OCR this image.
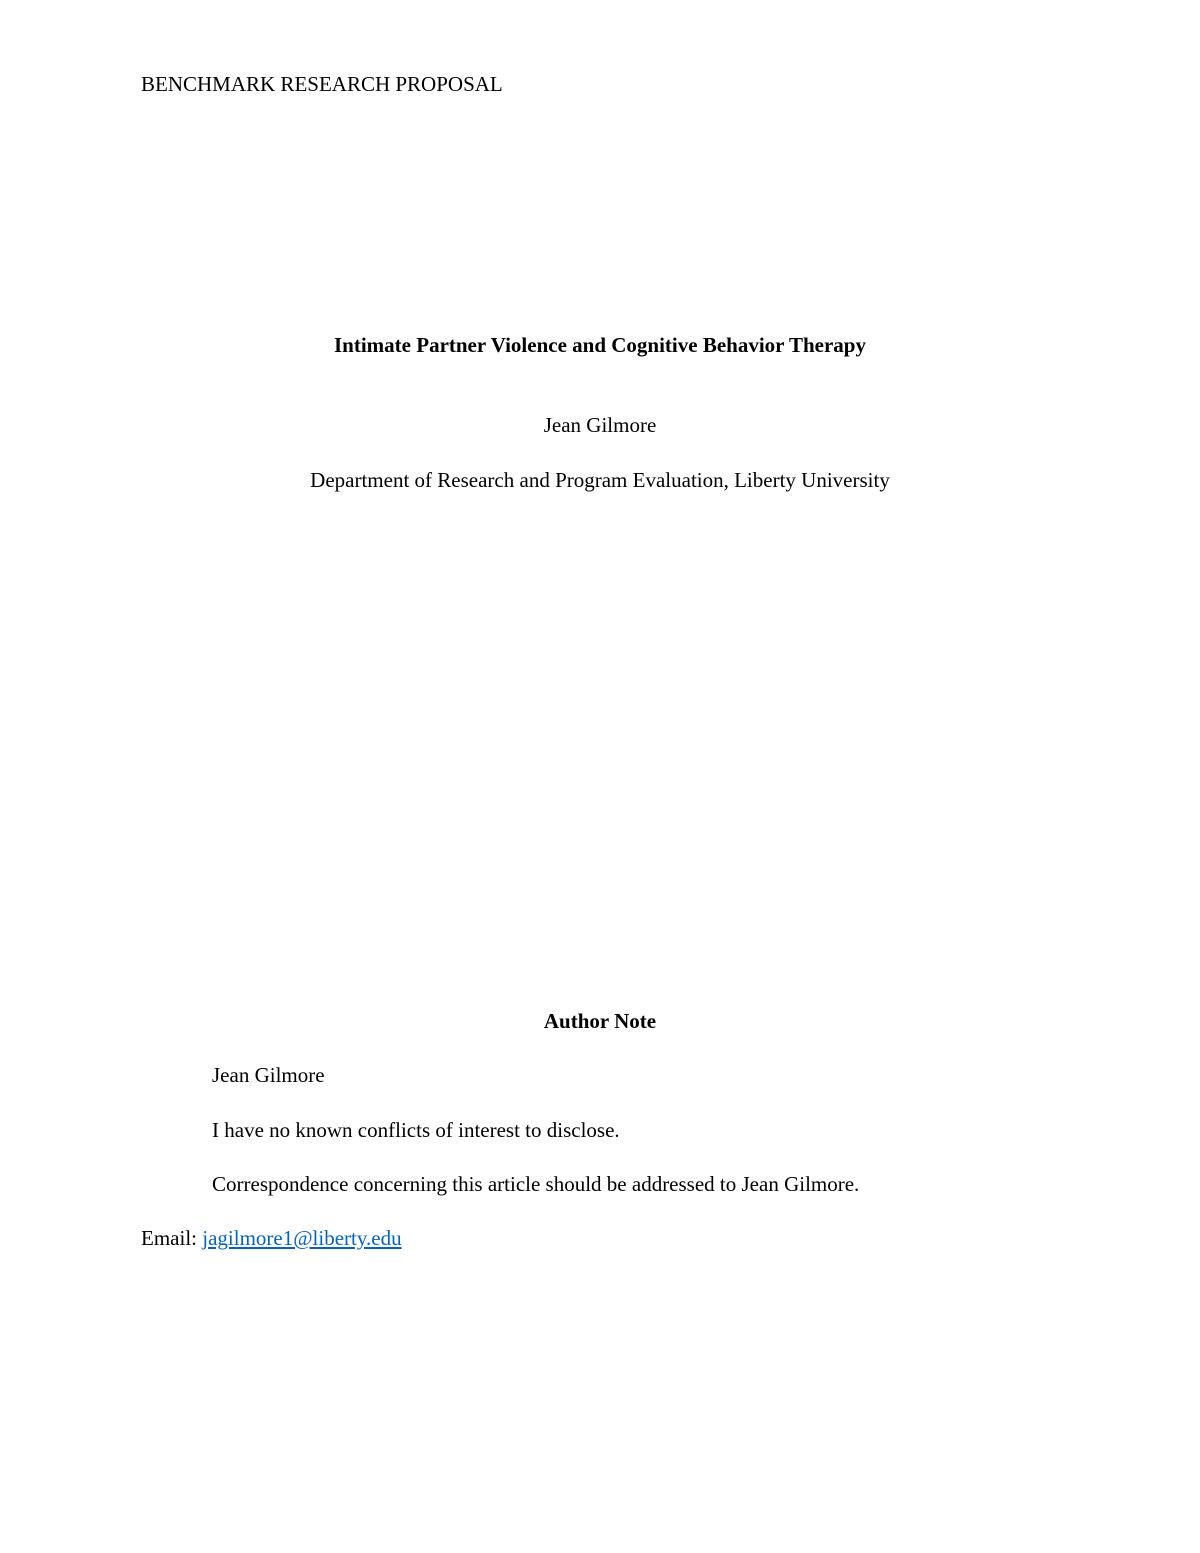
BENCHMARK RESEARCH PROPOSAL
Intimate Partner Violence and Cognitive Behavior Therapy
Jean Gilmore
Department of Research and Program Evaluation, Liberty University
Author Note
Jean Gilmore
I have no known conflicts of interest to disclose.
Correspondence concerning this article should be addressed to Jean Gilmore.
Email: jagilmore1@liberty.edu
